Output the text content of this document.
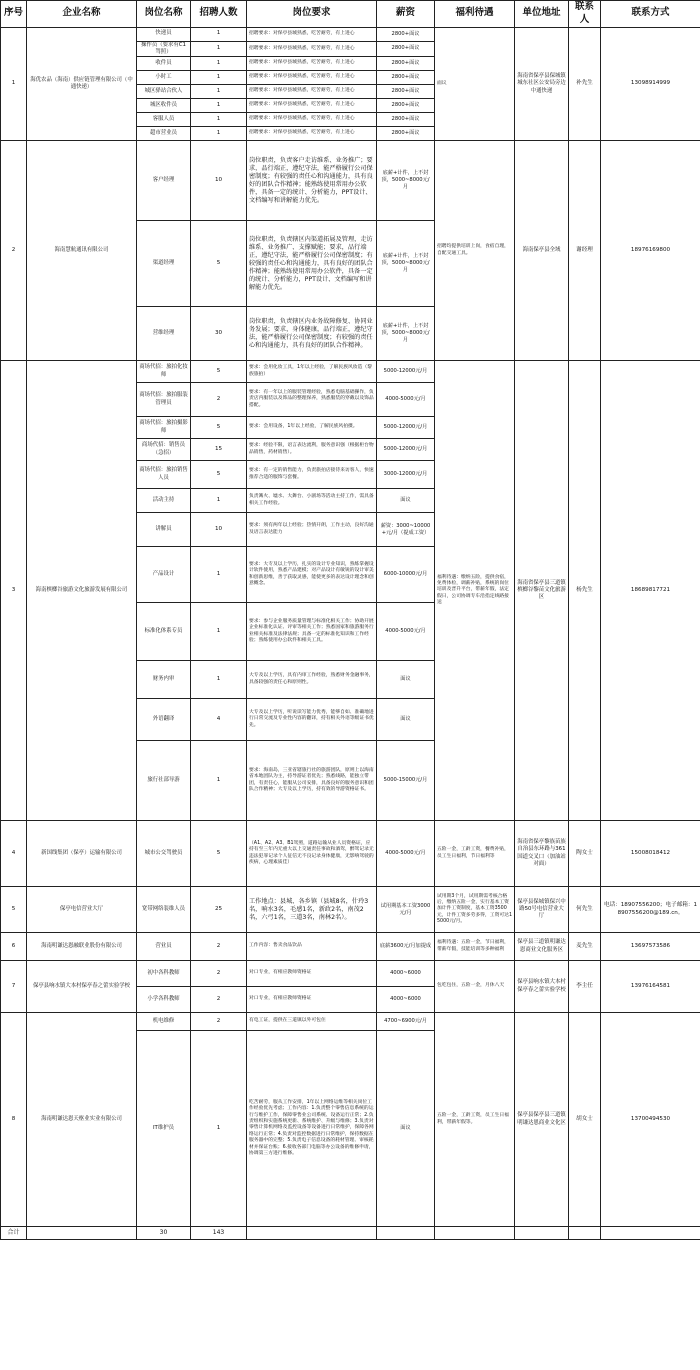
序号	企业名称	岗位名称	招聘人数	岗位要求	薪资	福利待遇	单位地址	联系人	联系方式
1	海优农品（海南）供应链管理有限公司（中通快递）	快递员	1	招聘要求：对保亭县城熟悉，吃苦耐劳，有上进心	2800+面议	面议	海南省保亭县保城镇城东社区公安局旁边中通快递	补先生	13098914999
		操作员（要求有C1驾照）	1	招聘要求：对保亭县城熟悉，吃苦耐劳，有上进心	2800+面议				
		收件员	1	招聘要求：对保亭县城熟悉，吃苦耐劳，有上进心	2800+面议				
		小时工	1	招聘要求：对保亭县城熟悉，吃苦耐劳，有上进心	2800+面议				
		城区驿站合伙人	1	招聘要求：对保亭县城熟悉，吃苦耐劳，有上进心	2800+面议				
		城区收件员	1	招聘要求：对保亭县城熟悉，吃苦耐劳，有上进心	2800+面议				
		客服人员	1	招聘要求：对保亭县城熟悉，吃苦耐劳，有上进心	2800+面议				
		超市营业员	1	招聘要求：对保亭县城熟悉，吃苦耐劳，有上进心	2800+面议				
2	海南慧航通讯有限公司	客户经理	10	岗位职责，负责客户走访维系、业务推广；要求，品行端正，遵纪守法，能严格履行公司保密制度；有较强的责任心和沟通能力，具有良好的团队合作精神；能熟练使用常用办公软件，具备一定的统计、分析能力，PPT设计、文档编写和讲解能力优先。	底薪+计件，上不封顶，5000~8000元/月	招聘均提供培训上岗，食宿自理，自配交通工具。	海南保亭县全域	谢经理	18976169800
		渠道经理	5	岗位职责，负责辖区内渠道拓展及管理，走访维系、业务推广、支撑赋能；要求，品行端正，遵纪守法，能严格履行公司保密制度；有较强的责任心和沟通能力，具有良好的团队合作精神；能熟练使用常用办公软件，具备一定的统计、分析能力，PPT设计、文档编写和讲解能力优先。	底薪+计件，上不封顶，5000~8000元/月				
		营维经理	30	岗位职责，负责辖区内业务故障修复、协同业务发展；要求，身体健康，品行端正，遵纪守法，能严格履行公司保密制度；有较强的责任心和沟通能力，具有良好的团队合作精神。	底薪+计件，上不封顶，5000~8000元/月				
3	海南槟榔谷旅游文化旅游发展有限公司	商场代招：旅拍化妆师	5	要求：会用化妆工具，1年以上经验，了解民族风妆造（黎族旅拍）	5000-12000元/月	福利待遇：缴纳五险，提供食宿，免费体检，调薪补贴，系统的岗位培训及晋升平台，带薪年假，法定假日，公司协调专车沿指定线路接送	海南省保亭县三道镇槟榔谷黎苗文化旅游区	杨先生	18689817721
		商场代招：旅拍服装管理员	2	要求：有一年以上的服装管理经验，熟悉电脑基础操作，负责店内服装以及饰品的整理保养，熟悉服装的穿戴以及饰品搭配。	4000-5000元/月				
		商场代招：旅拍摄影师	5	要求：会用设备，1年以上经验，了解民族风拍摄。	5000-12000元/月				
		商场代招：销售员（急招）	15	要求：经验不限，语言表达流利，服务意识强（根据柜台物品销售，药材销售）。	5000-12000元/月				
		商场代招：旅拍销售人员	5	要求：有一定的销售能力，负责旅拍店接待来访客人，快速推荐合适的服饰与套餐。	3000-12000元/月				
		活动主持	1	负责篝火、墟水、大舞台、小剧场等活动主持工作，需具备相关工作经验。	面议				
		讲解员	10	要求：须有两年以上经验；热情开朗，工作主动，良好沟通及语言表达能力	薪资：3000~10000+元/月（提成工资）				
		产品设计	1	要求：大专及以上学历，扎实的设计专业知识，熟练掌握设计软件使用，熟悉产品建模；对产品设计有敏锐的设计审美和创新思维，善于获取灵感，能使更多的表达设计理念和创意概念。	6000-10000元/月				
		标准化体系专员	1	要求：参与企业服务质量管理与标准化相关工作；协助开展企业标准化认证、评审等相关工作；熟悉国家和旅游服务行业相关标准及法律法规；具备一定的标准化知识和工作经验；熟练使用办公软件和相关工具。	4000-5000元/月				
		财务内审	1	大专及以上学历，具有内审工作经验，熟悉财务金融事务，具备较强的责任心和原则性。	面议				
		外语翻译	4	大专及以上学历，听说读写能力优秀，能够自如、准确地进行日常交流及专业性内容的翻译，持有相关外语等级证书优先。	面议				
		旅行社部导游	1	要求：海南岛，三亚省辖旅行社的旅游团队，原则上以海南省本地团队为主，持导游证者优先；熟悉线路，能独立带团，有责任心，能服从公司安排，具备良好的服务意识和团队合作精神；大专及以上学历，持有效的导游资格证书。	5000-15000元/月				
4	新国线集团（保亭）运输有限公司	城市公交驾驶员	5	（A1、A2、A3、B1驾照，道路运输从业人员资格证，应持有至三年内无重大以上交通责任事故和酒驾，醉驾记录无违法犯罪记录个人征信无不良记录身体健康，无影响驾驶的疾病，心理素质佳）	4000-5000元/月	五险一金，工龄工资，餐费补贴，员工生日福利，节日福利等	海南省保亭黎族苗族自治县东环路与361国道交叉口（加油站对面）	陶女士	15008018412
5	保亭电信营业大厅	宽带网络装维人员	25	工作地点：县城、各乡镇（县城8名，什玲3名，响水3名，毛感1名，新政2名，南茂2名，六弓1名，三道3名，南林2名）。	试用期基本工资3000元/月	试用期3个月，试用期需考核合格后，缴纳五险一金，实行基本工资加计件工资制度，基本工资3500元，计件工资多劳多得，工资可达15000元/月。	保亭县保城镇保兴中路50号电信营业大厅	何先生	电话：18907556200；电子邮箱：18907556200@189.cn。
6	海南明谦达恩融联业股份有限公司	营业员	2	工作内容：售卖食品饮品	底薪3600元/月加提成	福利待遇：五险一金，节日福利，带薪年假，技能培训等多种福利	保亭县三道镇明谦达恩商业文化服务区	麦先生	13697573586
7	保亭县响水镇大本村保亭春之蕾实验学校	初中各科教师	2	对口专业，有相应教师资格证	4000~6000	包吃包住，五险一金，月休八天	保亭县响水镇大本村保亭春之蕾实验学校	李主任	13976164581
		小学各科教师	2	对口专业，有相应教师资格证	4000~6000				
8	海南明谦达恩天枢业实业有限公司	机电维修	2	有电工证，提供在三道镇以外可包住	4700~6900元/月	五险一金，工龄工资，员工生日福利，带薪年假等。	保亭县保亭县三道镇明谦达恩商业文化区	胡女士	13700494530
		IT维护员	1	吃苦耐劳，服从工作安排，1年以上网络运维等相关岗位工作经验优先考虑；工作内容：1.负责整个零售信息系统的运行与维护工作，保障零售业公司系统、设备运行正常；2.负责组织和实施系统更新、系统维护、升级与维修；3.负责对零售计算机网络及监控设备等设备进行日常维护，保障各网络运行正常；4.负责对监控数据进行日常维护，保持数据在服务器中的完整；5.负责电子信息设备的耗材管理、审核耗材并保证台账；6.接收各部门电脑等办公设备的维修申请，协调第三方进行维修。	面议				
合计		30	143						
